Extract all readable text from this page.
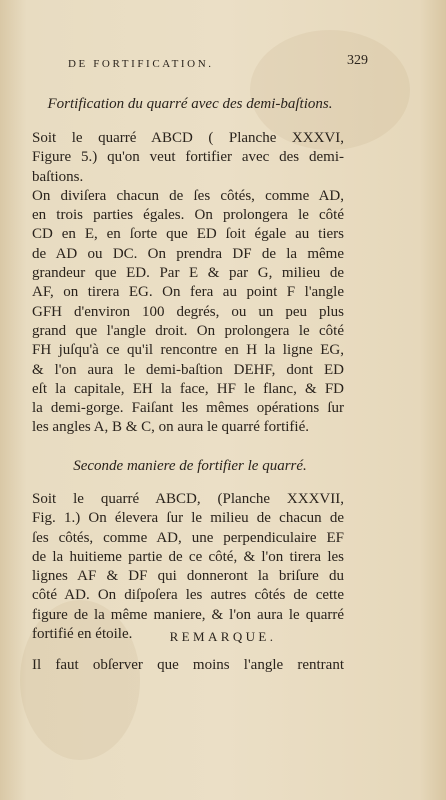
DE FORTIFICATION.	329
Fortification du quarré avec des demi-baſtions.
Soit le quarré ABCD ( Planche XXXVI,
Figure 5.) qu'on veut fortifier avec des demi-
baſtions.
On diviſera chacun de ſes côtés, comme AD,
en trois parties égales. On prolongera le côté
CD en E, en ſorte que ED ſoit égale au tiers
de AD ou DC. On prendra DF de la même
grandeur que ED. Par E & par G, milieu de
AF, on tirera EG. On fera au point F l'angle
GFH d'environ 100 degrés, ou un peu plus
grand que l'angle droit. On prolongera le côté
FH juſqu'à ce qu'il rencontre en H la ligne EG,
& l'on aura le demi-baſtion DEHF, dont ED
eſt la capitale, EH la face, HF le flanc, & FD
la demi-gorge. Faiſant les mêmes opérations ſur
les angles A, B & C, on aura le quarré fortifié.
Seconde maniere de fortifier le quarré.
Soit le quarré ABCD, (Planche XXXVII,
Fig. 1.) On élevera ſur le milieu de chacun de
ſes côtés, comme AD, une perpendiculaire EF
de la huitieme partie de ce côté, & l'on tirera les
lignes AF & DF qui donneront la briſure du
côté AD. On diſpoſera les autres côtés de cette
figure de la même maniere, & l'on aura le quarré
fortifié en étoile.	REMARQUE.
Il faut obſerver que moins l'angle rentrant
